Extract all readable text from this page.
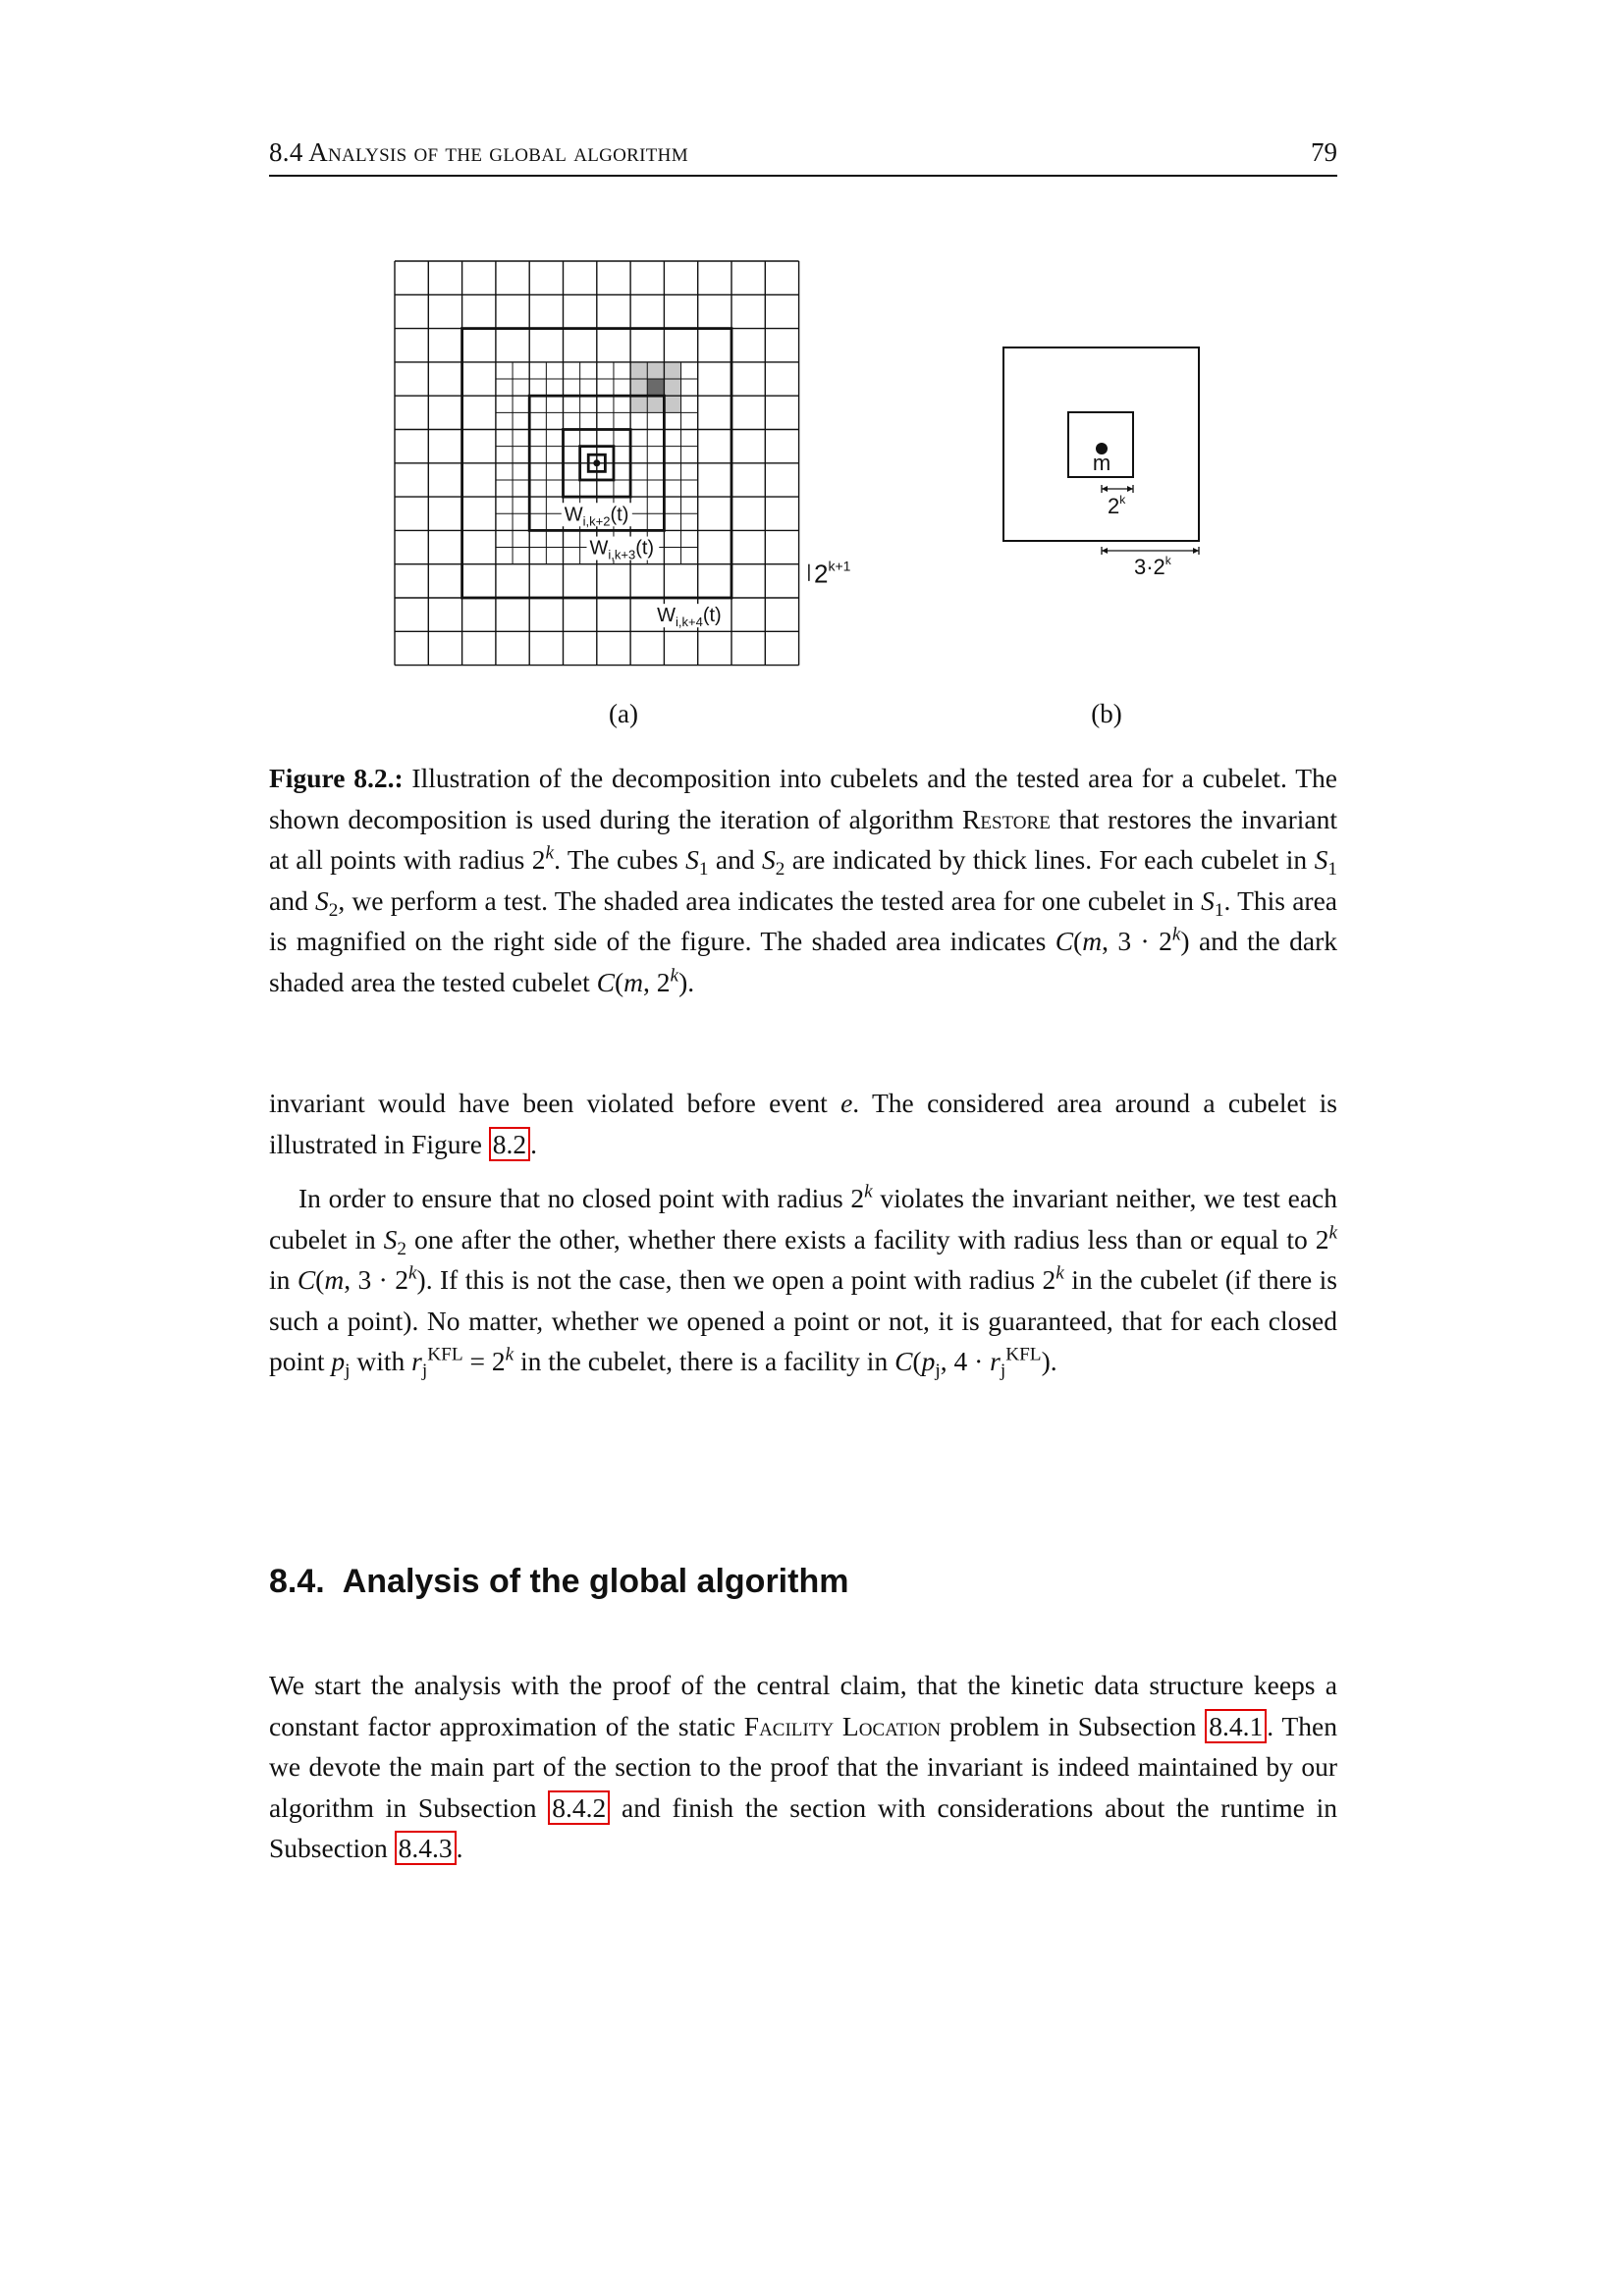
8.4 Analysis of the global algorithm	79
$W_{i,k+2}(t)$
$W_{i,k+3}(t)$
$W_{i,k+4}(t)$
$2^{k+1}$
(a)
m
2$^k$
$3\cdot 2^k$
(b)
Figure 8.2.: Illustration of the decomposition into cubelets and the tested area for a cubelet. The shown decomposition is used during the iteration of algorithm Restore that restores the invariant at all points with radius 2$^k$. The cubes $S_1$ and $S_2$ are indicated by thick lines. For each cubelet in $S_1$ and $S_2$, we perform a test. The shaded area indicates the tested area for one cubelet in $S_1$. This area is magnified on the right side of the figure. The shaded area indicates C(m, $3 \cdot 2^k$) and the dark shaded area the tested cubelet C(m, 2$^k$).
invariant would have been violated before event e. The considered area around a cubelet is illustrated in Figure 8.2 .
In order to ensure that no closed point with radius 2$^k$ violates the invariant neither, we test each cubelet in $S_2$ one after the other, whether there exists a facility with radius less than or equal to 2$^k$ in C(m, $3 \cdot 2^k$). If this is not the case, then we open a point with radius 2$^k$ in the cubelet (if there is such a point). No matter, whether we opened a point or not, it is guaranteed, that for each closed point $p_j$ with $r_j^{KFL} = 2^k$ in the cubelet, there is a facility in $C(p_j$, $4 \cdot r_j^{KFL}$).
8.4. Analysis of the global algorithm
We start the analysis with the proof of the central claim, that the kinetic data structure keeps a constant factor approximation of the static Facility Location problem in Subsection 8.4.1 . Then we devote the main part of the section to the proof that the invariant is indeed maintained by our algorithm in Subsection 8.4.2 and finish the section with considerations about the runtime in Subsection 8.4.3 .
